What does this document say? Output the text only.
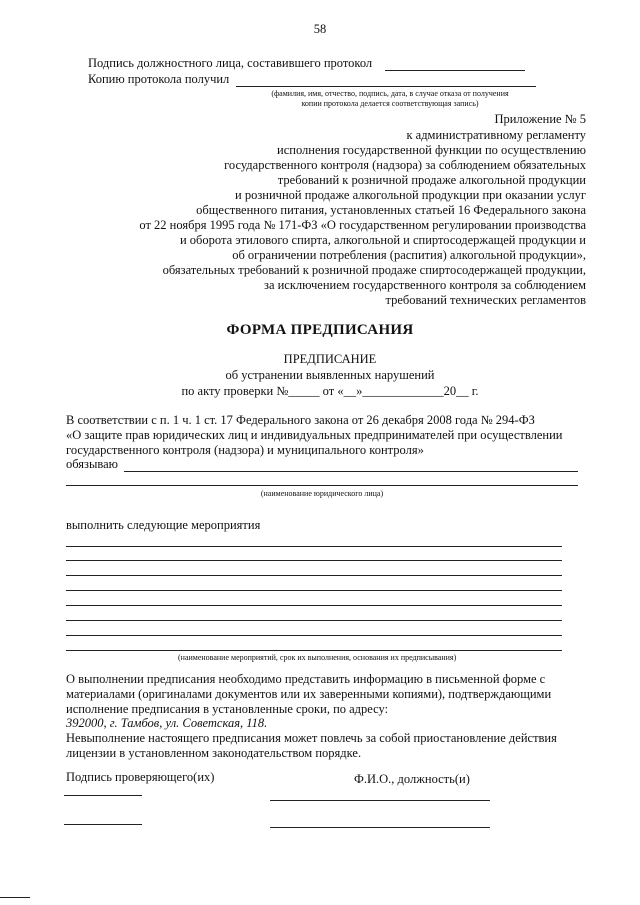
58
Подпись должностного лица, составившего протокол
Копию протокола получил
(фамилия, имя, отчество, подпись, дата, в случае отказа от получения
копии протокола делается соответствующая запись)
Приложение № 5
к административному регламенту
исполнения государственной функции по осуществлению
государственного контроля (надзора) за соблюдением обязательных
требований к розничной продаже алкогольной продукции
и розничной продаже алкогольной продукции при оказании услуг
общественного питания, установленных статьей 16 Федерального закона
от 22 ноября 1995 года № 171-ФЗ «О государственном регулировании производства
и оборота этилового спирта, алкогольной и спиртосодержащей продукции и
об ограничении потребления (распития) алкогольной продукции»,
обязательных требований к розничной продаже спиртосодержащей продукции,
за исключением государственного контроля за соблюдением
требований технических регламентов
ФОРМА ПРЕДПИСАНИЯ
ПРЕДПИСАНИЕ
об устранении выявленных нарушений
по акту проверки №_____ от «__»_____________20__ г.
В соответствии с п. 1 ч. 1 ст. 17 Федерального закона от 26 декабря 2008 года № 294-ФЗ
«О защите прав юридических лиц и индивидуальных предпринимателей при осуществлении
государственного контроля (надзора) и муниципального контроля»
обязываю
(наименование юридического лица)
выполнить следующие мероприятия
(наименование мероприятий, срок их выполнения, основания их предписывания)
О выполнении предписания необходимо представить информацию в письменной форме с
материалами (оригиналами документов или их заверенными копиями), подтверждающими
исполнение предписания в установленные сроки, по адресу:
392000, г. Тамбов, ул. Советская, 118.
Невыполнение настоящего предписания может повлечь за собой приостановление действия
лицензии в установленном законодательством порядке.
Подпись проверяющего(их)	Ф.И.О., должность(и)
